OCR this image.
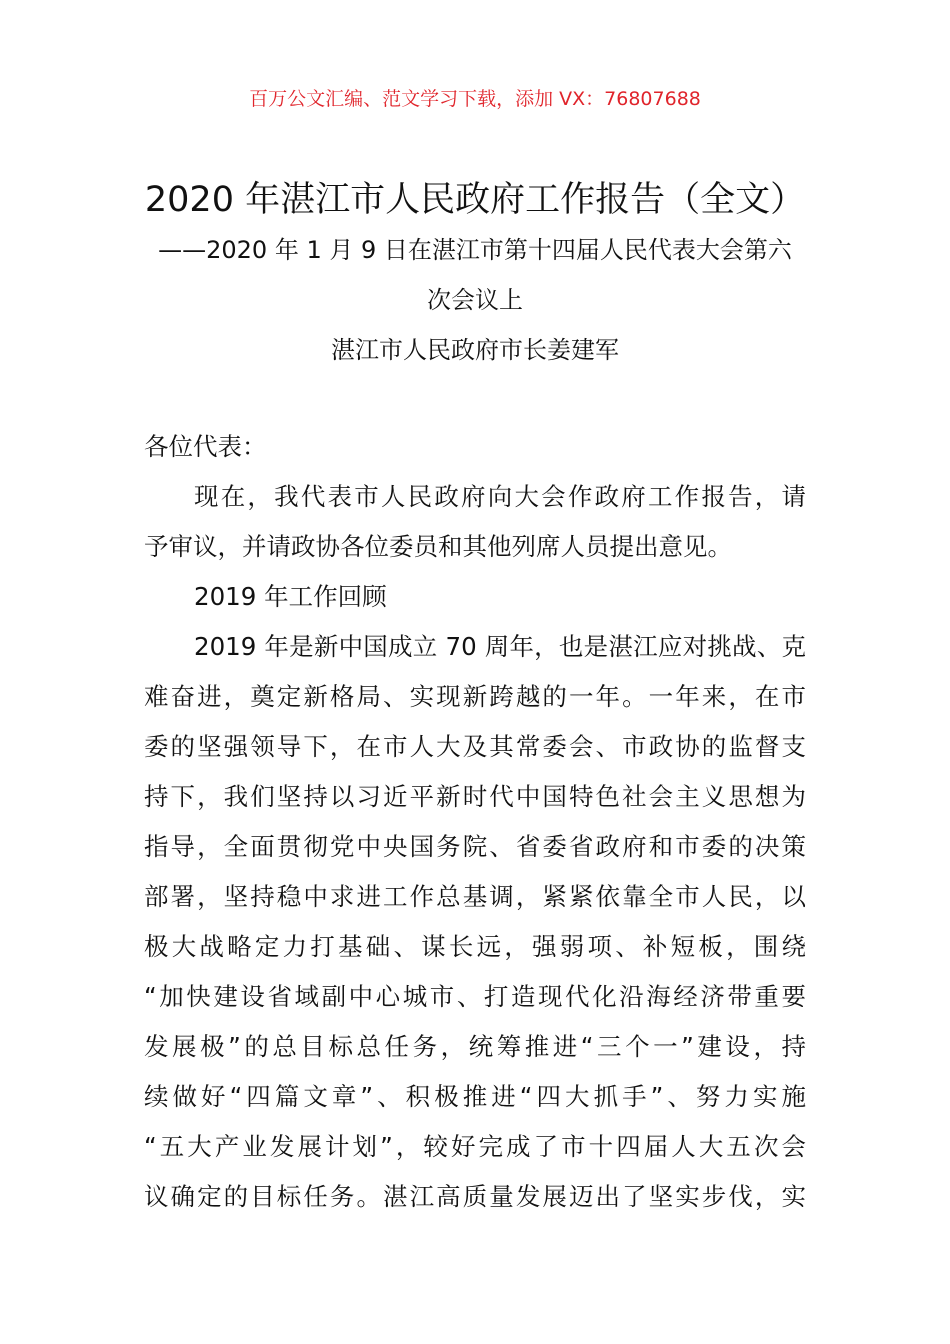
百万公文汇编、范文学习下载，添加 VX：76807688
2020 年湛江市人民政府工作报告（全文）
——2020 年 1 月 9 日在湛江市第十四届人民代表大会第六
次会议上
湛江市人民政府市长姜建军
各位代表：
现在，我代表市人民政府向大会作政府工作报告，请
予审议，并请政协各位委员和其他列席人员提出意见。
2019 年工作回顾
2019 年是新中国成立 70 周年，也是湛江应对挑战、克
难奋进，奠定新格局、实现新跨越的一年。一年来，在市
委的坚强领导下，在市人大及其常委会、市政协的监督支
持下，我们坚持以习近平新时代中国特色社会主义思想为
指导，全面贯彻党中央国务院、省委省政府和市委的决策
部署，坚持稳中求进工作总基调，紧紧依靠全市人民，以
极大战略定力打基础、谋长远，强弱项、补短板，围绕
“加快建设省域副中心城市、打造现代化沿海经济带重要
发展极”的总目标总任务，统筹推进“三个一”建设，持
续做好“四篇文章”、积极推进“四大抓手”、努力实施
“五大产业发展计划”，较好完成了市十四届人大五次会
议确定的目标任务。湛江高质量发展迈出了坚实步伐，实
